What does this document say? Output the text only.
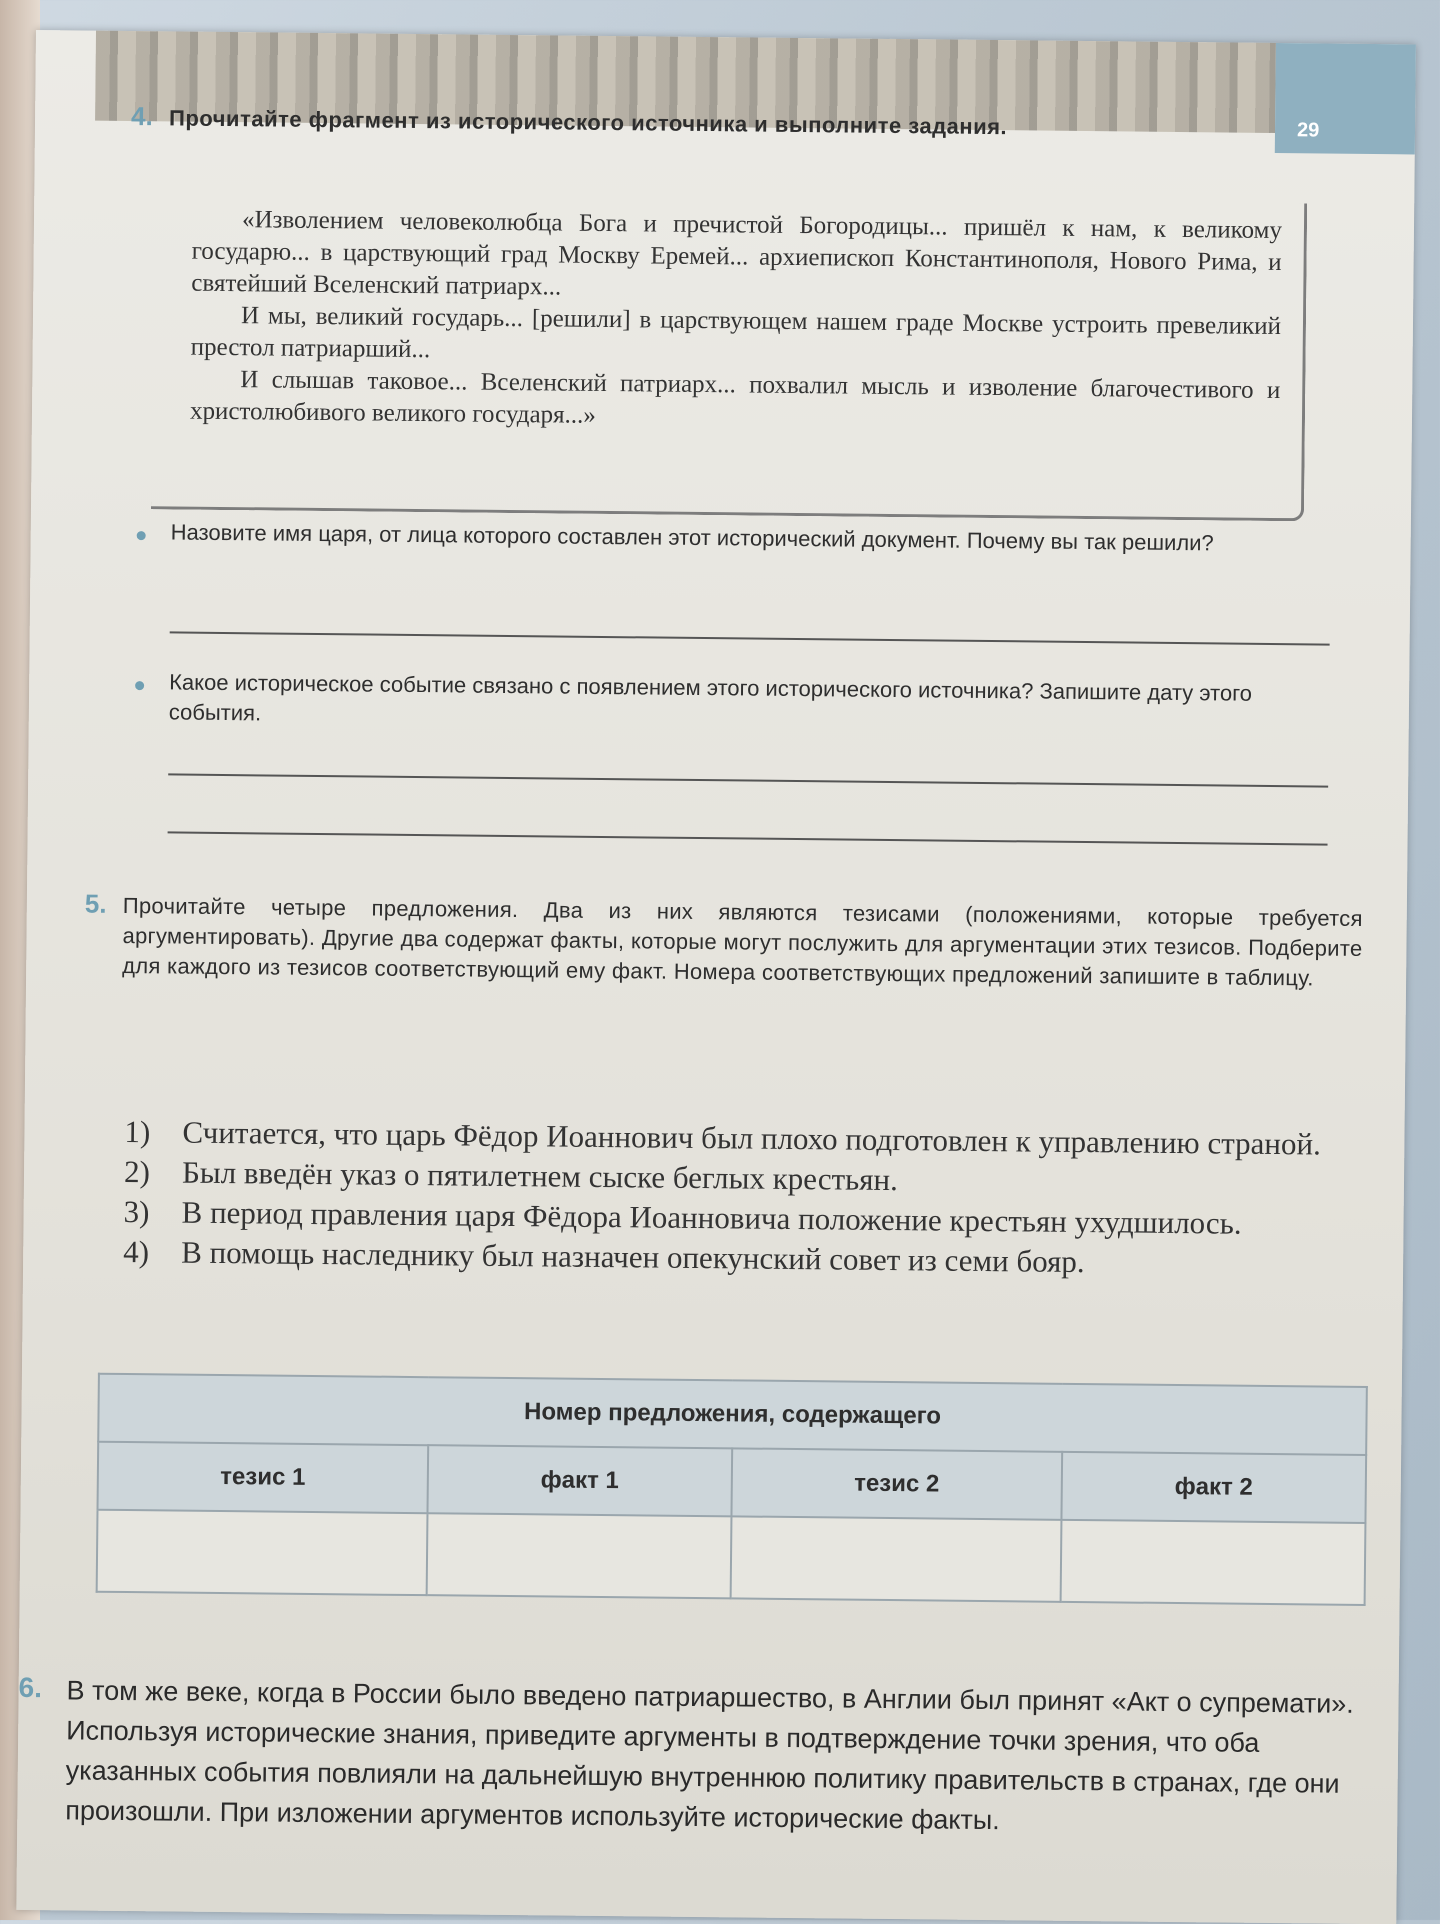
29
4. Прочитайте фрагмент из исторического источника и выполните задания.

«Изволением человеколюбца Бога и пречистой Богородицы... пришёл к нам, к великому государю... в царствующий град Москву Еремей... архиепископ Константинополя, Нового Рима, и святейший Вселенский патриарх...

И мы, великий государь... [решили] в царствующем нашем граде Москве устроить превеликий престол патриарший...

И слышав таковое... Вселенский патриарх... похвалил мысль и изволение благочестивого и христолюбивого великого государя...»

Назовите имя царя, от лица которого составлен этот исторический документ. Почему вы так решили?
Какое историческое событие связано с появлением этого исторического источника? Запишите дату этого события.
5. Прочитайте четыре предложения. Два из них являются тезисами (положениями, которые требуется аргументировать). Другие два содержат факты, которые могут послужить для аргументации этих тезисов. Подберите для каждого из тезисов соответствующий ему факт. Номера соответствующих предложений запишите в таблицу.
1)	Считается, что царь Фёдор Иоаннович был плохо подготовлен к управлению страной.
2)	Был введён указ о пятилетнем сыске беглых крестьян.
3)	В период правления царя Фёдора Иоанновича положение крестьян ухудшилось.
4)	В помощь наследнику был назначен опекунский совет из семи бояр.
Номер предложения, содержащего			
тезис 1	факт 1	тезис 2	факт 2

6. В том же веке, когда в России было введено патриаршество, в Англии был принят «Акт о супремати». Используя исторические знания, приведите аргументы в подтверждение точки зрения, что оба указанных события повлияли на дальнейшую внутреннюю политику правительств в странах, где они произошли. При изложении аргументов используйте исторические факты.
